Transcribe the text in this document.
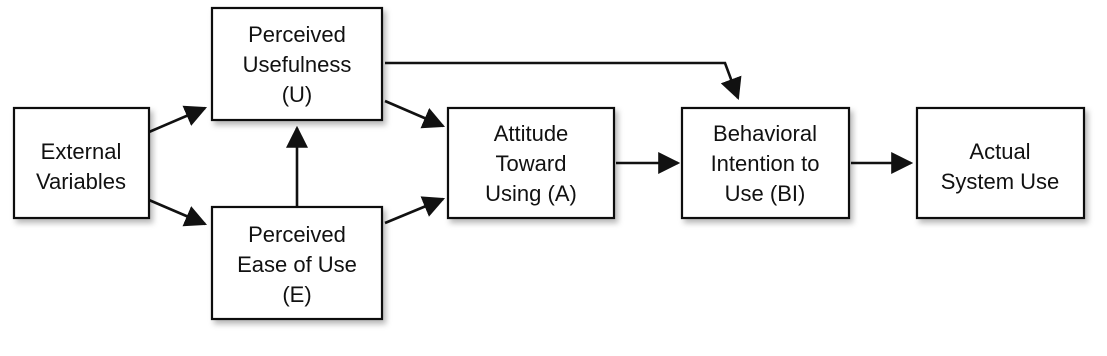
External
Variables
Perceived
Usefulness
(U)
Perceived
Ease of Use
(E)
Attitude
Toward
Using (A)
Behavioral
Intention to
Use (BI)
Actual
System Use
